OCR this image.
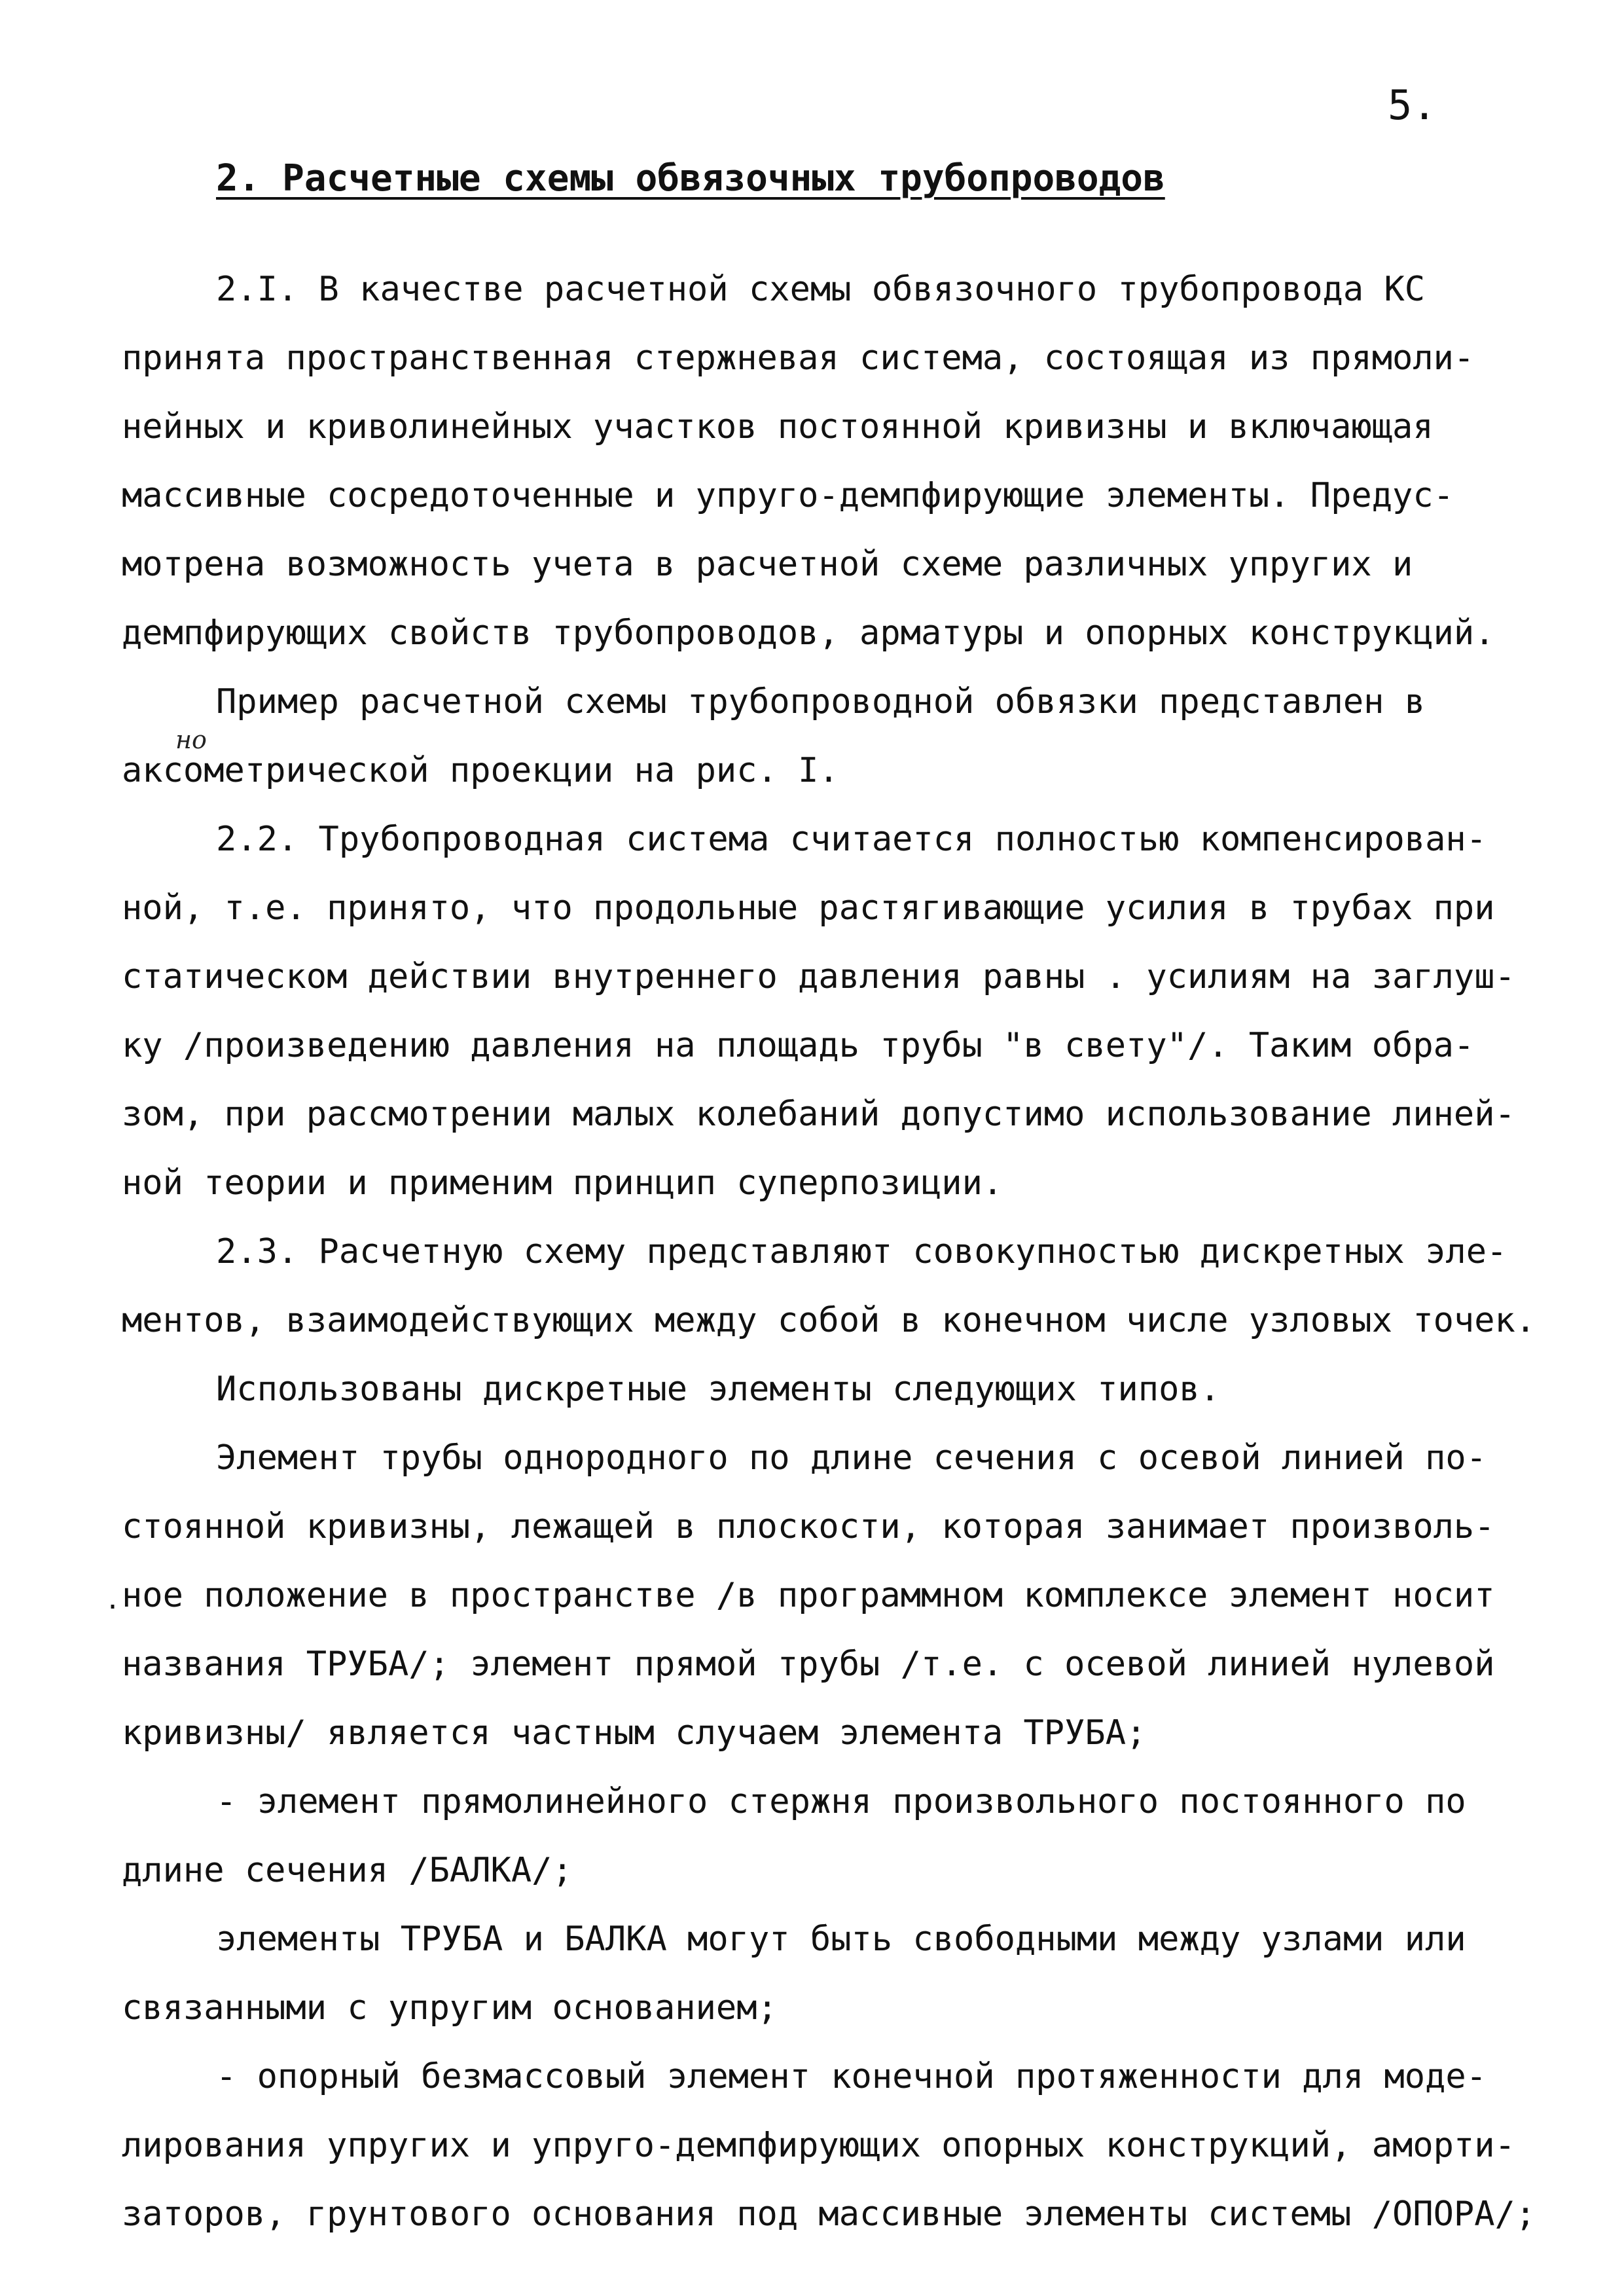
5.
2. Расчетные схемы обвязочных трубопроводов
но
·
2.I. В качестве расчетной схемы обвязочного трубопровода КС
принята пространственная стержневая система, состоящая из прямоли-
нейных и криволинейных участков постоянной кривизны и включающая
массивные сосредоточенные и упруго-демпфирующие элементы. Предус-
мотрена возможность учета в расчетной схеме различных упругих и
демпфирующих свойств трубопроводов, арматуры и опорных конструкций.
Пример расчетной схемы трубопроводной обвязки представлен в
аксометрической проекции на рис. I.
2.2. Трубопроводная система считается полностью компенсирован-
ной, т.е. принято, что продольные растягивающие усилия в трубах при
статическом действии внутреннего давления равны . усилиям на заглуш-
ку /произведению давления на площадь трубы "в свету"/. Таким обра-
зом, при рассмотрении малых колебаний допустимо использование линей-
ной теории и применим принцип суперпозиции.
2.3. Расчетную схему представляют совокупностью дискретных эле-
ментов, взаимодействующих между собой в конечном числе узловых точек.
Использованы дискретные элементы следующих типов.
Элемент трубы однородного по длине сечения с осевой линией по-
стоянной кривизны, лежащей в плоскости, которая занимает произволь-
ное положение в пространстве /в программном комплексе элемент носит
названия ТРУБА/; элемент прямой трубы /т.е. с осевой линией нулевой
кривизны/ является частным случаем элемента ТРУБА;
- элемент прямолинейного стержня произвольного постоянного по
длине сечения /БАЛКА/;
элементы ТРУБА и БАЛКА могут быть свободными между узлами или
связанными с упругим основанием;
- опорный безмассовый элемент конечной протяженности для моде-
лирования упругих и упруго-демпфирующих опорных конструкций, аморти-
заторов, грунтового основания под массивные элементы системы /ОПОРА/;
